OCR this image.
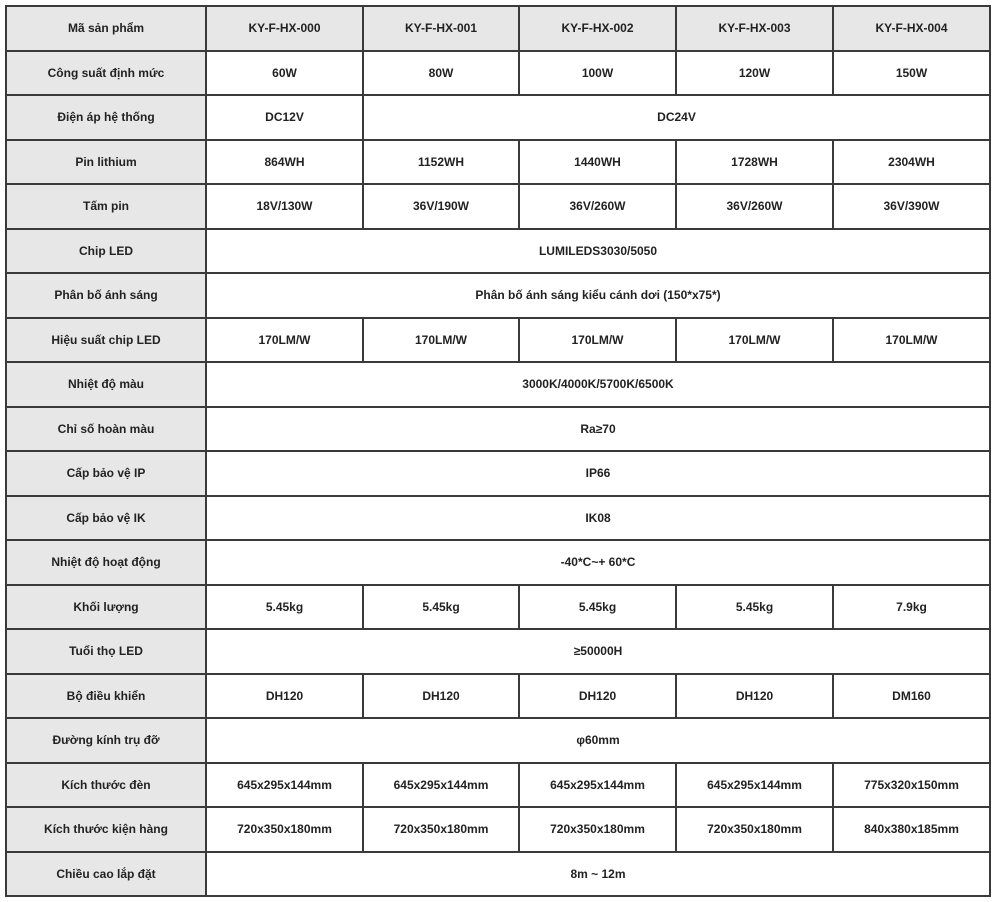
Mã sản phẩm	KY-F-HX-000	KY-F-HX-001	KY-F-HX-002	KY-F-HX-003	KY-F-HX-004
Công suất định mức	60W	80W	100W	120W	150W
Điện áp hệ thống	DC12V	DC24V			
Pin lithium	864WH	1152WH	1440WH	1728WH	2304WH
Tấm pin	18V/130W	36V/190W	36V/260W	36V/260W	36V/390W
Chip LED	LUMILEDS3030/5050				
Phân bố ánh sáng	Phân bố ánh sáng kiểu cánh dơi (150*x75*)				
Hiệu suất chip LED	170LM/W	170LM/W	170LM/W	170LM/W	170LM/W
Nhiệt độ màu	3000K/4000K/5700K/6500K				
Chỉ số hoàn màu	Ra≥70				
Cấp bảo vệ IP	IP66				
Cấp bảo vệ IK	IK08				
Nhiệt độ hoạt động	-40*C~+ 60*C				
Khối lượng	5.45kg	5.45kg	5.45kg	5.45kg	7.9kg
Tuổi thọ LED	≥50000H				
Bộ điều khiển	DH120	DH120	DH120	DH120	DM160
Đường kính trụ đỡ	φ60mm				
Kích thước đèn	645x295x144mm	645x295x144mm	645x295x144mm	645x295x144mm	775x320x150mm
Kích thước kiện hàng	720x350x180mm	720x350x180mm	720x350x180mm	720x350x180mm	840x380x185mm
Chiều cao lắp đặt	8m ~ 12m				
